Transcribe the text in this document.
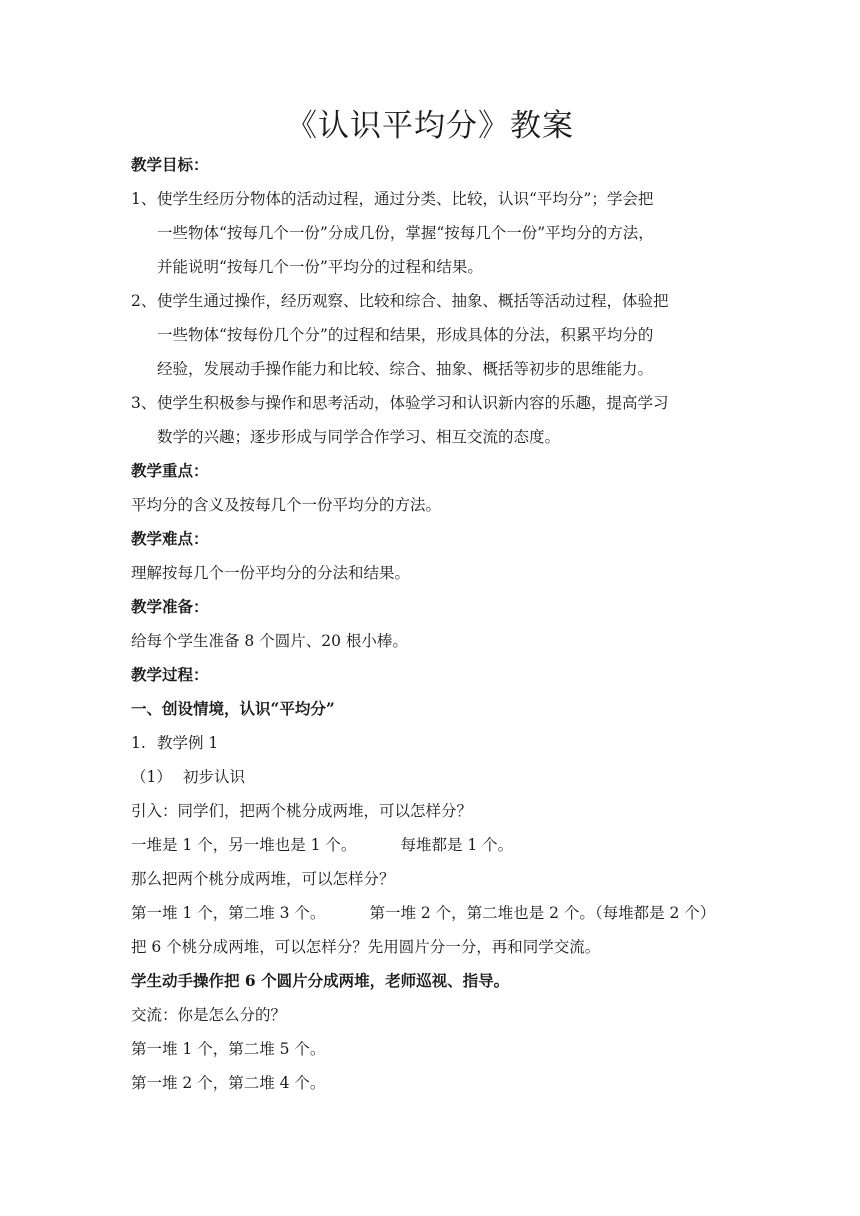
《认识平均分》教案
教学目标：
1、使学生经历分物体的活动过程，通过分类、比较，认识“平均分”；学会把
一些物体“按每几个一份”分成几份，掌握“按每几个一份”平均分的方法，
并能说明“按每几个一份”平均分的过程和结果。
2、使学生通过操作，经历观察、比较和综合、抽象、概括等活动过程，体验把
一些物体“按每份几个分”的过程和结果，形成具体的分法，积累平均分的
经验，发展动手操作能力和比较、综合、抽象、概括等初步的思维能力。
3、使学生积极参与操作和思考活动，体验学习和认识新内容的乐趣，提高学习
数学的兴趣；逐步形成与同学合作学习、相互交流的态度。
教学重点：
平均分的含义及按每几个一份平均分的方法。
教学难点：
理解按每几个一份平均分的分法和结果。
教学准备：
给每个学生准备 8 个圆片、20 根小棒。
教学过程：
一、创设情境，认识“平均分”
1. 教学例 1
（1） 初步认识
引入：同学们，把两个桃分成两堆，可以怎样分？
一堆是 1 个，另一堆也是 1 个。	每堆都是 1 个。
那么把两个桃分成两堆，可以怎样分？
第一堆 1 个，第二堆 3 个。	第一堆 2 个，第二堆也是 2 个。（每堆都是 2 个）
把 6 个桃分成两堆，可以怎样分？先用圆片分一分，再和同学交流。
学生动手操作把 6 个圆片分成两堆，老师巡视、指导。
交流：你是怎么分的？
第一堆 1 个，第二堆 5 个。
第一堆 2 个，第二堆 4 个。
